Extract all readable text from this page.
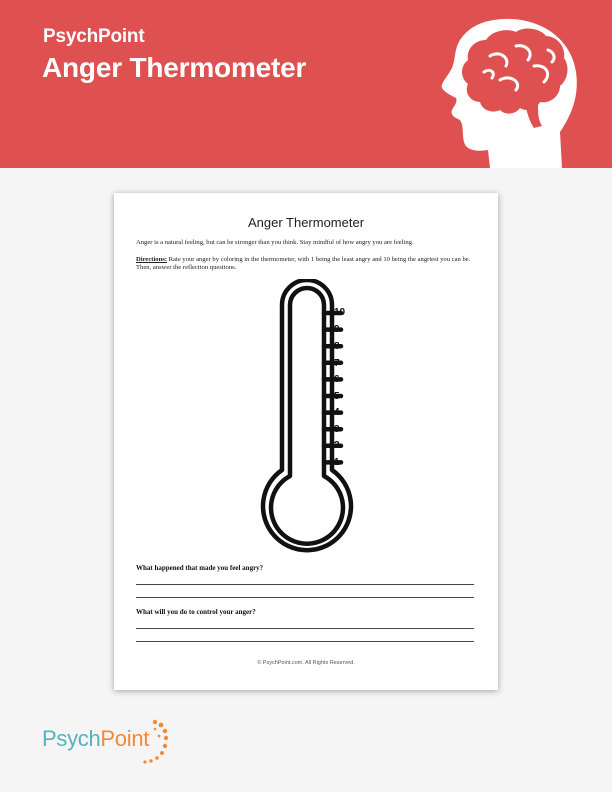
PsychPoint
Anger Thermometer
Anger Thermometer
Anger is a natural feeling, but can be stronger than you think. Stay mindful of how angry you are feeling.
Directions: Rate your anger by coloring in the thermometer, with 1 being the least angry and 10 being the angriest you can be. Then, answer the reflection questions.
10
9
8
7
6
5
4
3
2
1
What happened that made you feel angry?
What will you do to control your anger?
© PsychPoint.com. All Rights Reserved.
PsychPoint
